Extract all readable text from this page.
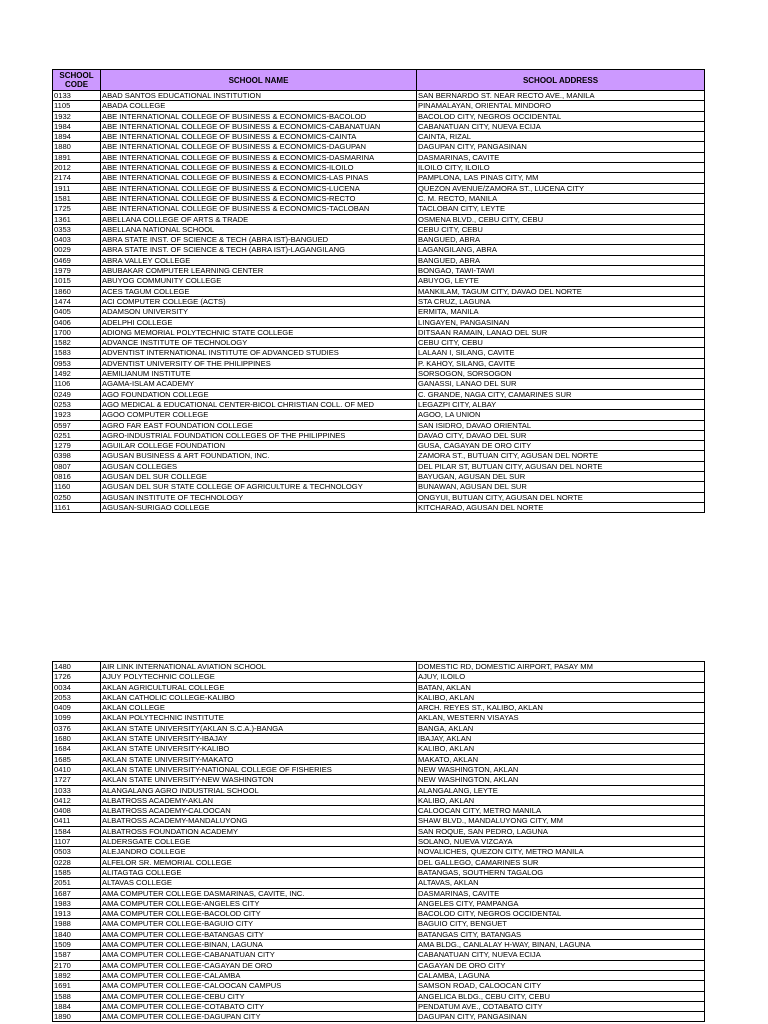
SCHOOL CODE	SCHOOL NAME	SCHOOL ADDRESS
0133	ABAD SANTOS EDUCATIONAL INSTITUTION	SAN BERNARDO ST. NEAR RECTO AVE., MANILA
1105	ABADA COLLEGE	PINAMALAYAN, ORIENTAL MINDORO
1932	ABE INTERNATIONAL COLLEGE OF BUSINESS & ECONOMICS-BACOLOD	BACOLOD CITY, NEGROS OCCIDENTAL
1984	ABE INTERNATIONAL COLLEGE OF BUSINESS & ECONOMICS-CABANATUAN	CABANATUAN CITY, NUEVA ECIJA
1894	ABE INTERNATIONAL COLLEGE OF BUSINESS & ECONOMICS-CAINTA	CAINTA, RIZAL
1880	ABE INTERNATIONAL COLLEGE OF BUSINESS & ECONOMICS-DAGUPAN	DAGUPAN CITY, PANGASINAN
1891	ABE INTERNATIONAL COLLEGE OF BUSINESS & ECONOMICS-DASMARINA	DASMARINAS, CAVITE
2012	ABE INTERNATIONAL COLLEGE OF BUSINESS & ECONOMICS-ILOILO	ILOILO CITY, ILOILO
2174	ABE INTERNATIONAL COLLEGE OF BUSINESS & ECONOMICS-LAS PINAS	PAMPLONA, LAS PINAS CITY, MM
1911	ABE INTERNATIONAL COLLEGE OF BUSINESS & ECONOMICS-LUCENA	QUEZON AVENUE/ZAMORA ST., LUCENA CITY
1581	ABE INTERNATIONAL COLLEGE OF BUSINESS & ECONOMICS-RECTO	C. M. RECTO, MANILA
1725	ABE INTERNATIONAL COLLEGE OF BUSINESS & ECONOMICS-TACLOBAN	TACLOBAN CITY, LEYTE
1361	ABELLANA COLLEGE OF ARTS & TRADE	OSMENA BLVD., CEBU CITY, CEBU
0353	ABELLANA NATIONAL SCHOOL	CEBU CITY, CEBU
0403	ABRA STATE INST. OF SCIENCE & TECH (ABRA IST)-BANGUED	BANGUED, ABRA
0029	ABRA STATE INST. OF SCIENCE & TECH (ABRA IST)-LAGANGILANG	LAGANGILANG, ABRA
0469	ABRA VALLEY COLLEGE	BANGUED, ABRA
1979	ABUBAKAR COMPUTER LEARNING CENTER	BONGAO, TAWI-TAWI
1015	ABUYOG COMMUNITY COLLEGE	ABUYOG, LEYTE
1860	ACES TAGUM COLLEGE	MANKILAM, TAGUM CITY, DAVAO DEL NORTE
1474	ACI COMPUTER COLLEGE (ACTS)	STA CRUZ, LAGUNA
0405	ADAMSON UNIVERSITY	ERMITA, MANILA
0406	ADELPHI COLLEGE	LINGAYEN, PANGASINAN
1700	ADIONG MEMORIAL POLYTECHNIC STATE COLLEGE	DITSAAN RAMAIN, LANAO DEL SUR
1582	ADVANCE INSTITUTE OF TECHNOLOGY	CEBU CITY, CEBU
1583	ADVENTIST INTERNATIONAL INSTITUTE OF ADVANCED STUDIES	LALAAN I, SILANG, CAVITE
0953	ADVENTIST UNIVERSITY OF THE PHILIPPINES	P. KAHOY, SILANG, CAVITE
1492	AEMILIANUM INSTITUTE	SORSOGON, SORSOGON
1106	AGAMA-ISLAM ACADEMY	GANASSI, LANAO DEL SUR
0249	AGO FOUNDATION COLLEGE	C. GRANDE, NAGA CITY, CAMARINES SUR
0253	AGO MEDICAL & EDUCATIONAL CENTER-BICOL CHRISTIAN COLL. OF MED	LEGAZPI CITY, ALBAY
1923	AGOO COMPUTER COLLEGE	AGOO, LA UNION
0597	AGRO FAR EAST FOUNDATION COLLEGE	SAN ISIDRO, DAVAO ORIENTAL
0251	AGRO-INDUSTRIAL FOUNDATION COLLEGES OF THE PHILIPPINES	DAVAO CITY, DAVAO DEL SUR
1279	AGUILAR COLLEGE FOUNDATION	GUSA, CAGAYAN DE ORO CITY
0398	AGUSAN BUSINESS & ART FOUNDATION, INC.	ZAMORA ST., BUTUAN CITY, AGUSAN DEL NORTE
0807	AGUSAN COLLEGES	DEL PILAR ST, BUTUAN CITY, AGUSAN DEL NORTE
0816	AGUSAN DEL SUR COLLEGE	BAYUGAN, AGUSAN DEL SUR
1160	AGUSAN DEL SUR STATE COLLEGE OF AGRICULTURE & TECHNOLOGY	BUNAWAN, AGUSAN DEL SUR
0250	AGUSAN INSTITUTE OF TECHNOLOGY	ONGYUI, BUTUAN CITY, AGUSAN DEL NORTE
1161	AGUSAN-SURIGAO COLLEGE	KITCHARAO, AGUSAN DEL NORTE
1480	AIR LINK INTERNATIONAL AVIATION SCHOOL	DOMESTIC RD, DOMESTIC AIRPORT, PASAY MM
1726	AJUY POLYTECHNIC COLLEGE	AJUY, ILOILO
0034	AKLAN AGRICULTURAL COLLEGE	BATAN, AKLAN
2053	AKLAN CATHOLIC COLLEGE-KALIBO	KALIBO, AKLAN
0409	AKLAN COLLEGE	ARCH. REYES ST., KALIBO, AKLAN
1099	AKLAN POLYTECHNIC INSTITUTE	AKLAN, WESTERN VISAYAS
0376	AKLAN STATE UNIVERSITY(AKLAN S.C.A.)-BANGA	BANGA, AKLAN
1680	AKLAN STATE UNIVERSITY-IBAJAY	IBAJAY, AKLAN
1684	AKLAN STATE UNIVERSITY-KALIBO	KALIBO, AKLAN
1685	AKLAN STATE UNIVERSITY-MAKATO	MAKATO, AKLAN
0410	AKLAN STATE UNIVERSITY-NATIONAL COLLEGE OF FISHERIES	NEW WASHINGTON, AKLAN
1727	AKLAN STATE UNIVERSITY-NEW WASHINGTON	NEW WASHINGTON, AKLAN
1033	ALANGALANG AGRO INDUSTRIAL SCHOOL	ALANGALANG, LEYTE
0412	ALBATROSS ACADEMY-AKLAN	KALIBO, AKLAN
0408	ALBATROSS ACADEMY-CALOOCAN	CALOOCAN CITY, METRO MANILA
0411	ALBATROSS ACADEMY-MANDALUYONG	SHAW BLVD., MANDALUYONG CITY, MM
1584	ALBATROSS FOUNDATION ACADEMY	SAN ROQUE, SAN PEDRO, LAGUNA
1107	ALDERSGATE COLLEGE	SOLANO, NUEVA VIZCAYA
0503	ALEJANDRO COLLEGE	NOVALICHES, QUEZON CITY, METRO MANILA
0228	ALFELOR SR. MEMORIAL COLLEGE	DEL GALLEGO, CAMARINES SUR
1585	ALITAGTAG COLLEGE	BATANGAS, SOUTHERN TAGALOG
2051	ALTAVAS COLLEGE	ALTAVAS, AKLAN
1687	AMA COMPUTER COLLEGE DASMARINAS, CAVITE, INC.	DASMARINAS, CAVITE
1983	AMA COMPUTER COLLEGE-ANGELES CITY	ANGELES CITY, PAMPANGA
1913	AMA COMPUTER COLLEGE-BACOLOD CITY	BACOLOD CITY, NEGROS OCCIDENTAL
1988	AMA COMPUTER COLLEGE-BAGUIO CITY	BAGUIO CITY, BENGUET
1840	AMA COMPUTER COLLEGE-BATANGAS CITY	BATANGAS CITY, BATANGAS
1509	AMA COMPUTER COLLEGE-BINAN, LAGUNA	AMA BLDG., CANLALAY H-WAY, BINAN, LAGUNA
1587	AMA COMPUTER COLLEGE-CABANATUAN CITY	CABANATUAN CITY, NUEVA ECIJA
2170	AMA COMPUTER COLLEGE-CAGAYAN DE ORO	CAGAYAN DE ORO CITY
1892	AMA COMPUTER COLLEGE-CALAMBA	CALAMBA, LAGUNA
1691	AMA COMPUTER COLLEGE-CALOOCAN CAMPUS	SAMSON ROAD, CALOOCAN CITY
1588	AMA COMPUTER COLLEGE-CEBU CITY	ANGELICA BLDG., CEBU CITY, CEBU
1884	AMA COMPUTER COLLEGE-COTABATO CITY	PENDATUM AVE., COTABATO CITY
1890	AMA COMPUTER COLLEGE-DAGUPAN CITY	DAGUPAN CITY, PANGASINAN
